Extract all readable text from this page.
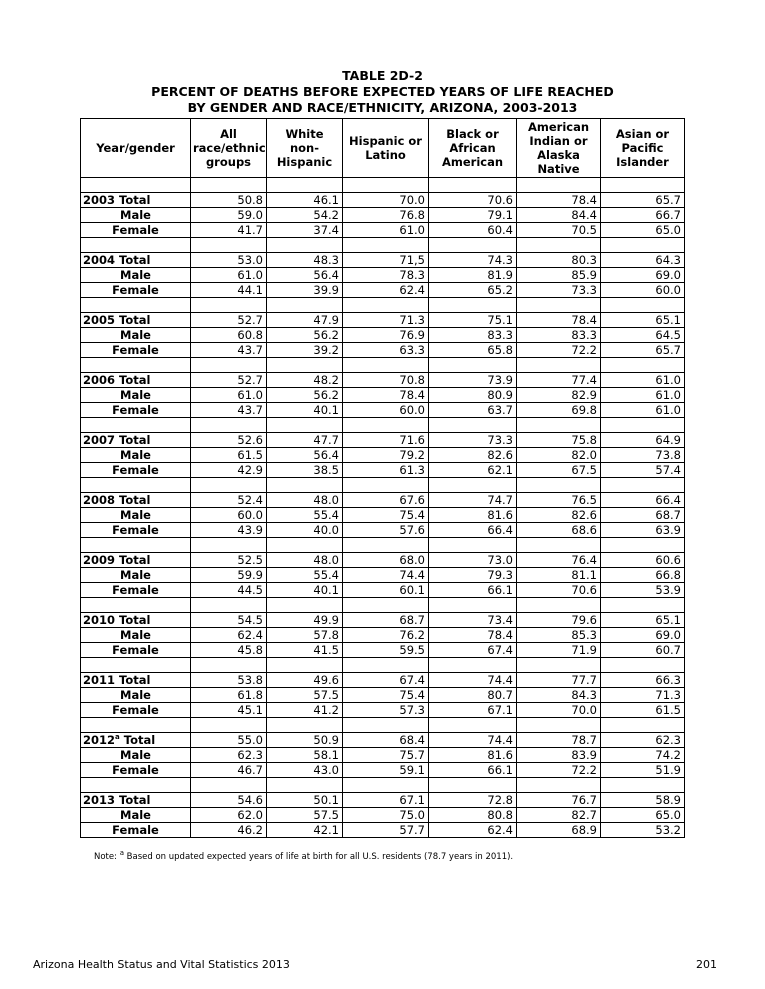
TABLE 2D-2
PERCENT OF DEATHS BEFORE EXPECTED YEARS OF LIFE REACHED
BY GENDER AND RACE/ETHNICITY, ARIZONA, 2003-2013
Year/gender	All race/ethnic groups	White non-Hispanic	Hispanic or Latino	Black or African American	American Indian or Alaska Native	Asian or Pacific Islander

2003 Total	50.8	46.1	70.0	70.6	78.4	65.7
Male	59.0	54.2	76.8	79.1	84.4	66.7
Female	41.7	37.4	61.0	60.4	70.5	65.0

2004 Total	53.0	48.3	71,5	74.3	80.3	64.3
Male	61.0	56.4	78.3	81.9	85.9	69.0
Female	44.1	39.9	62.4	65.2	73.3	60.0

2005 Total	52.7	47.9	71.3	75.1	78.4	65.1
Male	60.8	56.2	76.9	83.3	83.3	64.5
Female	43.7	39.2	63.3	65.8	72.2	65.7

2006 Total	52.7	48.2	70.8	73.9	77.4	61.0
Male	61.0	56.2	78.4	80.9	82.9	61.0
Female	43.7	40.1	60.0	63.7	69.8	61.0

2007 Total	52.6	47.7	71.6	73.3	75.8	64.9
Male	61.5	56.4	79.2	82.6	82.0	73.8
Female	42.9	38.5	61.3	62.1	67.5	57.4

2008 Total	52.4	48.0	67.6	74.7	76.5	66.4
Male	60.0	55.4	75.4	81.6	82.6	68.7
Female	43.9	40.0	57.6	66.4	68.6	63.9

2009 Total	52.5	48.0	68.0	73.0	76.4	60.6
Male	59.9	55.4	74.4	79.3	81.1	66.8
Female	44.5	40.1	60.1	66.1	70.6	53.9

2010 Total	54.5	49.9	68.7	73.4	79.6	65.1
Male	62.4	57.8	76.2	78.4	85.3	69.0
Female	45.8	41.5	59.5	67.4	71.9	60.7

2011 Total	53.8	49.6	67.4	74.4	77.7	66.3
Male	61.8	57.5	75.4	80.7	84.3	71.3
Female	45.1	41.2	57.3	67.1	70.0	61.5

2012$^a$ Total	55.0	50.9	68.4	74.4	78.7	62.3
Male	62.3	58.1	75.7	81.6	83.9	74.2
Female	46.7	43.0	59.1	66.1	72.2	51.9

2013 Total	54.6	50.1	67.1	72.8	76.7	58.9
Male	62.0	57.5	75.0	80.8	82.7	65.0
Female	46.2	42.1	57.7	62.4	68.9	53.2
Note: $^a$ Based on updated expected years of life at birth for all U.S. residents (78.7 years in 2011).
Arizona Health Status and Vital Statistics 2013	201
